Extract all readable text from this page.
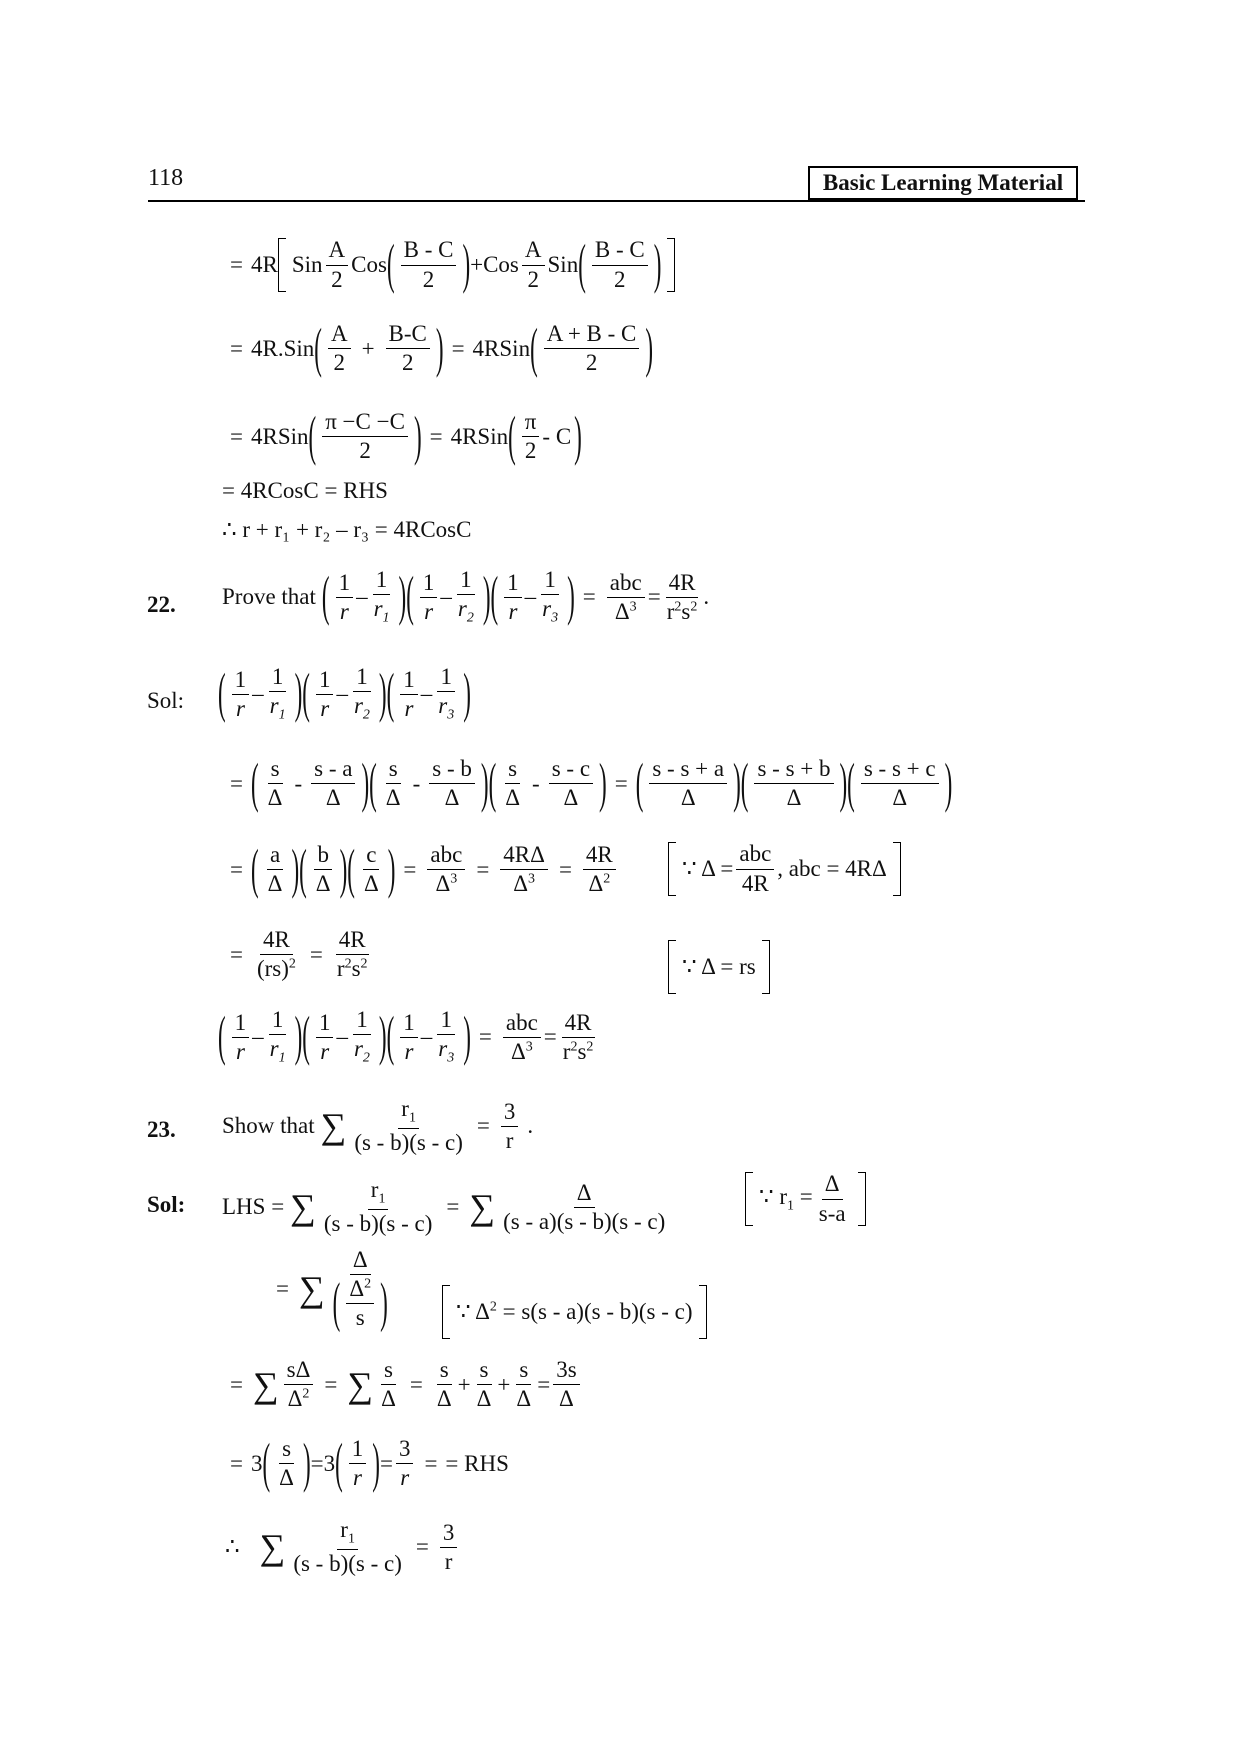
118	Basic Learning Material
= 4R Sin
A
2
Cos
( B - C
2
)
+Cos
A
2
Sin
( B - C
2
)
= 4R.Sin
( A
2
+ $\frac{B-C}{2}$
) = 4RSin
( A + B - C
2
)
= 4RSin
( π −C −C
2
)
= 4RSin
( π
2
- C
)
= 4RCosC = RHS
∴ r + r₁ + r₂ – r₃ = 4RCosC
22. Prove that
( 1
r
–
1
$r_1$
)
( 1
r
–
1
$r_2$
)
( 1
r
–
1
$r_3$
)
=
abc
$\Delta^3 = \frac{4R}{r^2s^2}$ .
Sol:
( 1
r
–
1
$r_1$
)
( 1
r
–
1
$r_2$
)
( 1
r
–
1
$r_3$
)
=
( s
Δ
-
s - a
Δ
)
( s
Δ
-
s - b
Δ
)
( s
Δ
-
s - c
Δ
)
=
( s - s + a
Δ
)
( s - s + b
Δ
)
( s - s + c
Δ
)
=
( a
Δ
)
( b
Δ
)
( c
Δ
)
=
abc
$\Delta^3 = \frac{4R\Delta}{\Delta^3} = \frac{4R}{\Delta^2}$	∵ Δ =
abc
4R
, abc = 4RΔ
= $\frac{4R}{(rs)^2} = \frac{4R}{r^2s^2}$	∵ Δ = rs
( 1
r
–
1
$r_1$
)
( 1
r
–
1
$r_2$
)
( 1
r
–
1
$r_3$
)
=
abc
$\Delta^3 = \frac{4R}{r^2s^2}$
23. Show that ∑ $\frac{r_1}{(s - b)(s - c)} = \frac{3}{r}$ .
Sol: LHS = ∑ $\frac{r_1}{(s - b)(s - c)}$ = ∑	Δ
(s - a)(s - b)(s - c)
∵ $r_1 = \frac{\Delta}{s-a}$
= ∑
Δ
( $\Delta^2$
s
)	∵ $\Delta^2 = s(s - a)(s - b)(s - c)$
= ∑ $\frac{s\Delta}{\Delta^2}$ = ∑ $\frac{s}{\Delta} = \frac{s}{\Delta}$ +
s
Δ
+ $\frac{s}{\Delta} = \frac{3s}{\Delta}$
= 3
( s
Δ
)
= 3
( 1
r
)
= $\frac{3}{r}$ = = RHS
∴ ∑ $\frac{r_1}{(s - b)(s - c)} = \frac{3}{r}$
